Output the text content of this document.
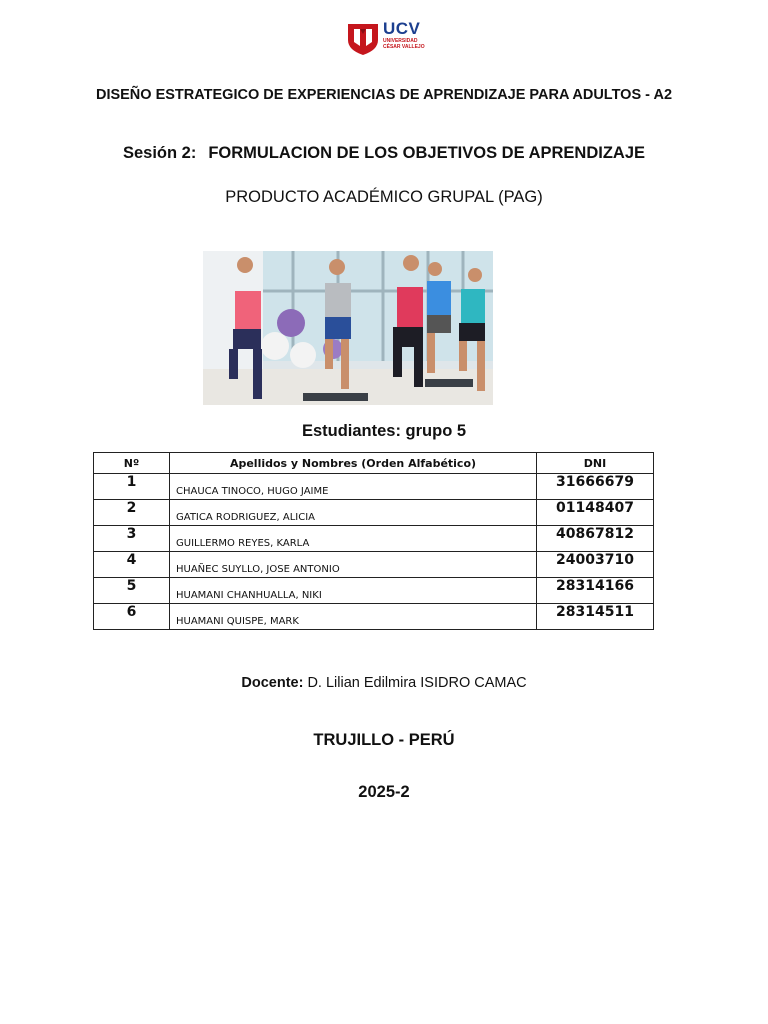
UCV
UNIVERSIDAD
CÉSAR VALLEJO
DISEÑO ESTRATEGICO DE EXPERIENCIAS DE APRENDIZAJE PARA ADULTOS - A2
Sesión 2: FORMULACION DE LOS OBJETIVOS DE APRENDIZAJE
PRODUCTO ACADÉMICO GRUPAL (PAG)
Estudiantes: grupo 5
Nº	Apellidos y Nombres (Orden Alfabético)	DNI
1	CHAUCA TINOCO, HUGO JAIME	31666679
2	GATICA RODRIGUEZ, ALICIA	01148407
3	GUILLERMO REYES, KARLA	40867812
4	HUAÑEC SUYLLO, JOSE ANTONIO	24003710
5	HUAMANI CHANHUALLA, NIKI	28314166
6	HUAMANI QUISPE, MARK	28314511
Docente: D. Lilian Edilmira ISIDRO CAMAC
TRUJILLO - PERÚ
2025-2
